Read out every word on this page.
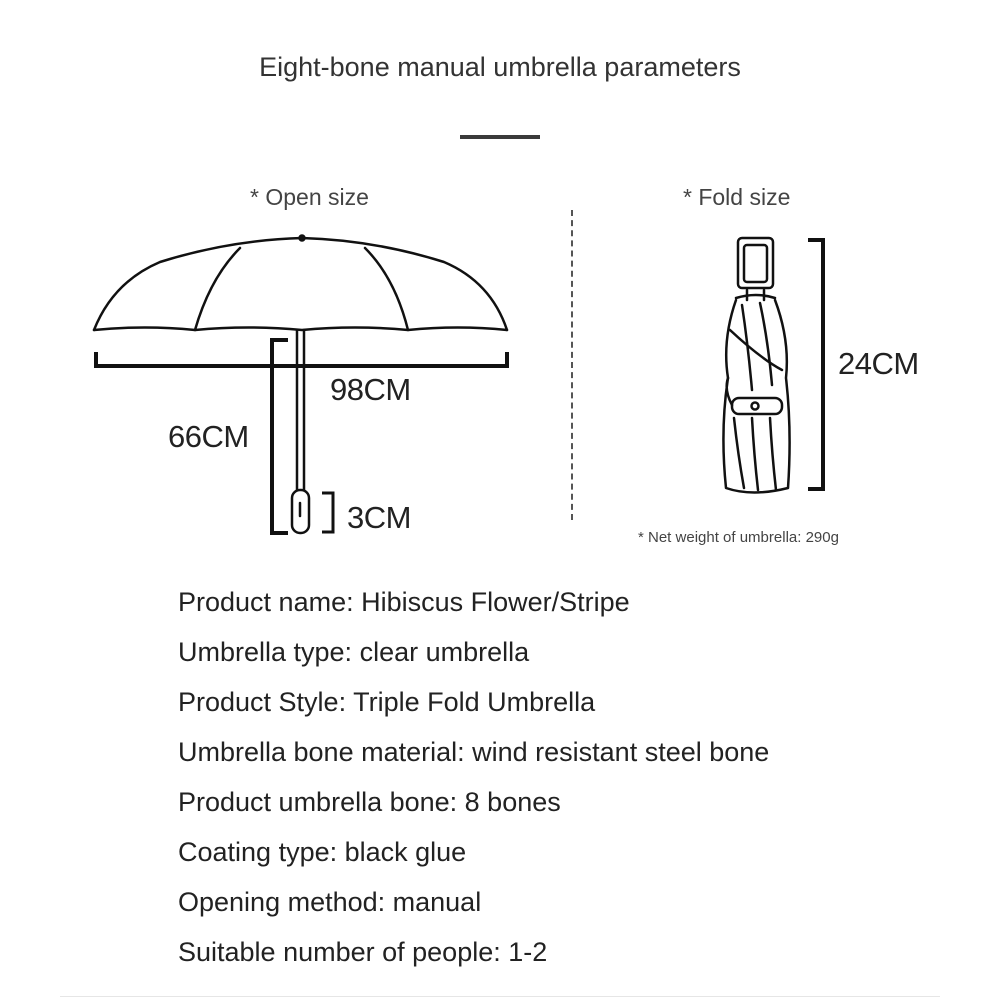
Eight-bone manual umbrella parameters
* Open size	* Fold size
98CM
66CM
3CM
24CM
* Net weight of umbrella: 290g
Product name: Hibiscus Flower/Stripe
Umbrella type: clear umbrella
Product Style: Triple Fold Umbrella
Umbrella bone material: wind resistant steel bone
Product umbrella bone: 8 bones
Coating type: black glue
Opening method: manual
Suitable number of people: 1-2
